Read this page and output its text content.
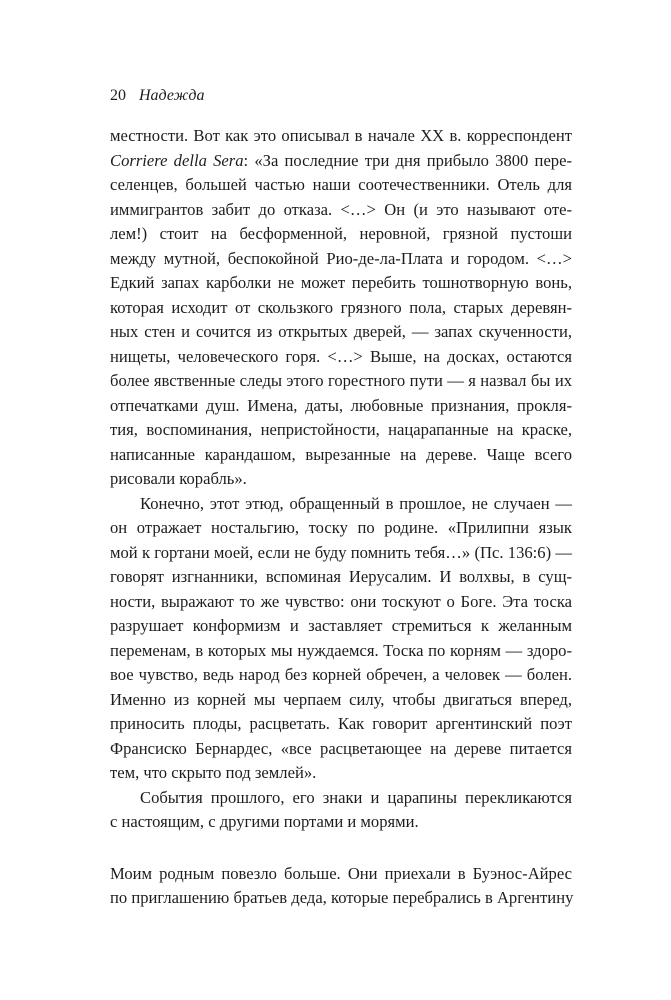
20 Надежда
местности. Вот как это описывал в начале XX в. корреспондент
Corriere della Sera: «За последние три дня прибыло 3800 пере-
селенцев, большей частью наши соотечественники. Отель для
иммигрантов забит до отказа. <…> Он (и это называют оте-
лем!) стоит на бесформенной, неровной, грязной пустоши
между мутной, беспокойной Рио-де-ла-Плата и городом. <…>
Едкий запах карболки не может перебить тошнотворную вонь,
которая исходит от скользкого грязного пола, старых деревян-
ных стен и сочится из открытых дверей, — запах скученности,
нищеты, человеческого горя. <…> Выше, на досках, остаются
более явственные следы этого горестного пути — я назвал бы их
отпечатками душ. Имена, даты, любовные признания, прокля-
тия, воспоминания, непристойности, нацарапанные на краске,
написанные карандашом, вырезанные на дереве. Чаще всего
рисовали корабль».
Конечно, этот этюд, обращенный в прошлое, не случаен —
он отражает ностальгию, тоску по родине. «Прилипни язык
мой к гортани моей, если не буду помнить тебя…» (Пс. 136:6) —
говорят изгнанники, вспоминая Иерусалим. И волхвы, в сущ-
ности, выражают то же чувство: они тоскуют о Боге. Эта тоска
разрушает конформизм и заставляет стремиться к желанным
переменам, в которых мы нуждаемся. Тоска по корням — здоро-
вое чувство, ведь народ без корней обречен, а человек — болен.
Именно из корней мы черпаем силу, чтобы двигаться вперед,
приносить плоды, расцветать. Как говорит аргентинский поэт
Франсиско Бернардес, «все расцветающее на дереве питается
тем, что скрыто под землей».
События прошлого, его знаки и царапины перекликаются
с настоящим, с другими портами и морями.
Моим родным повезло больше. Они приехали в Буэнос-Айрес
по приглашению братьев деда, которые перебрались в Аргентину
